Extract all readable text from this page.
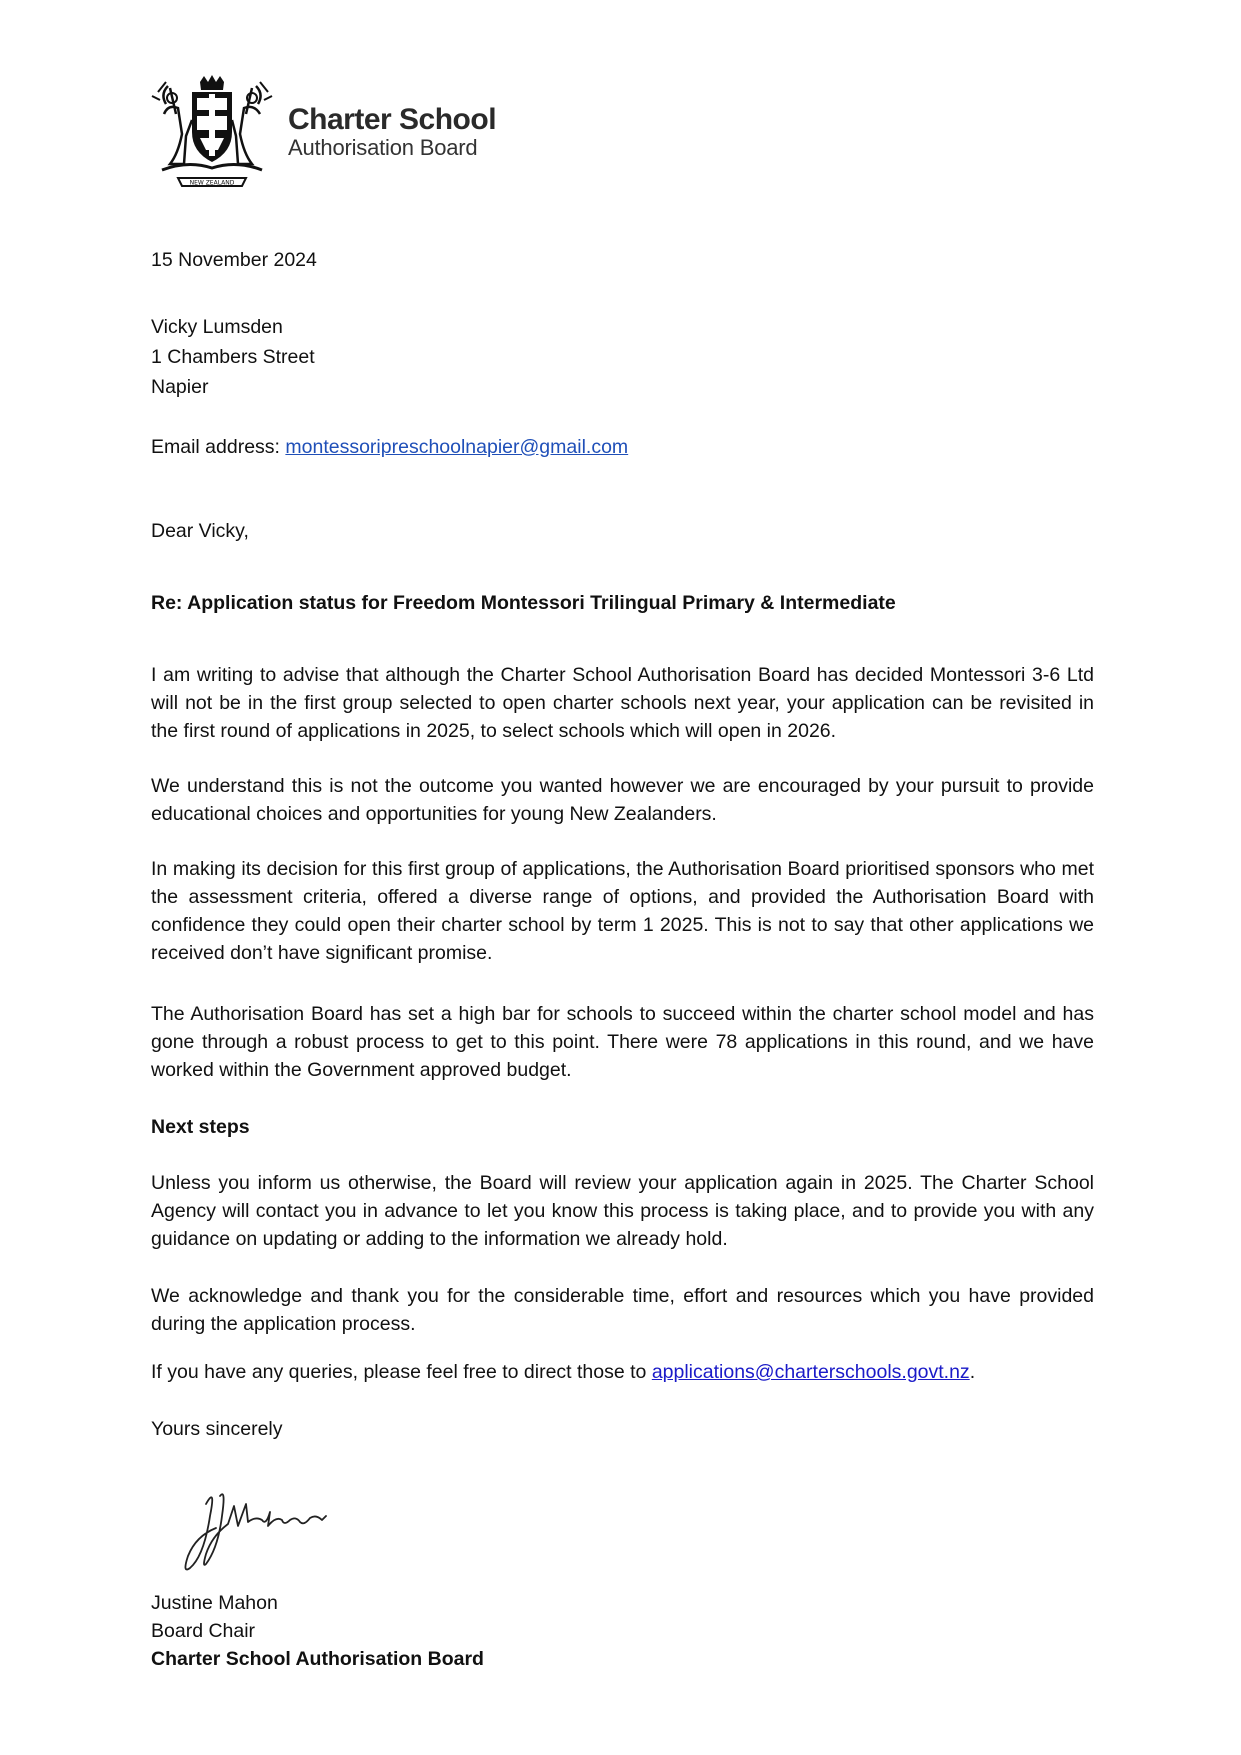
NEW ZEALAND
Charter School
Authorisation Board
15 November 2024
Vicky Lumsden
1 Chambers Street
Napier
Email address: montessoripreschoolnapier@gmail.com
Dear Vicky,
Re: Application status for Freedom Montessori Trilingual Primary & Intermediate
I am writing to advise that although the Charter School Authorisation Board has decided Montessori 3-6 Ltd will not be in the first group selected to open charter schools next year, your application can be revisited in the first round of applications in 2025, to select schools which will open in 2026.
We understand this is not the outcome you wanted however we are encouraged by your pursuit to provide educational choices and opportunities for young New Zealanders.
In making its decision for this first group of applications, the Authorisation Board prioritised sponsors who met the assessment criteria, offered a diverse range of options, and provided the Authorisation Board with confidence they could open their charter school by term 1 2025. This is not to say that other applications we received don’t have significant promise.
The Authorisation Board has set a high bar for schools to succeed within the charter school model and has gone through a robust process to get to this point. There were 78 applications in this round, and we have worked within the Government approved budget.
Next steps
Unless you inform us otherwise, the Board will review your application again in 2025. The Charter School Agency will contact you in advance to let you know this process is taking place, and to provide you with any guidance on updating or adding to the information we already hold.
We acknowledge and thank you for the considerable time, effort and resources which you have provided during the application process.
If you have any queries, please feel free to direct those to applications@charterschools.govt.nz.
Yours sincerely
Justine Mahon
Board Chair
Charter School Authorisation Board
